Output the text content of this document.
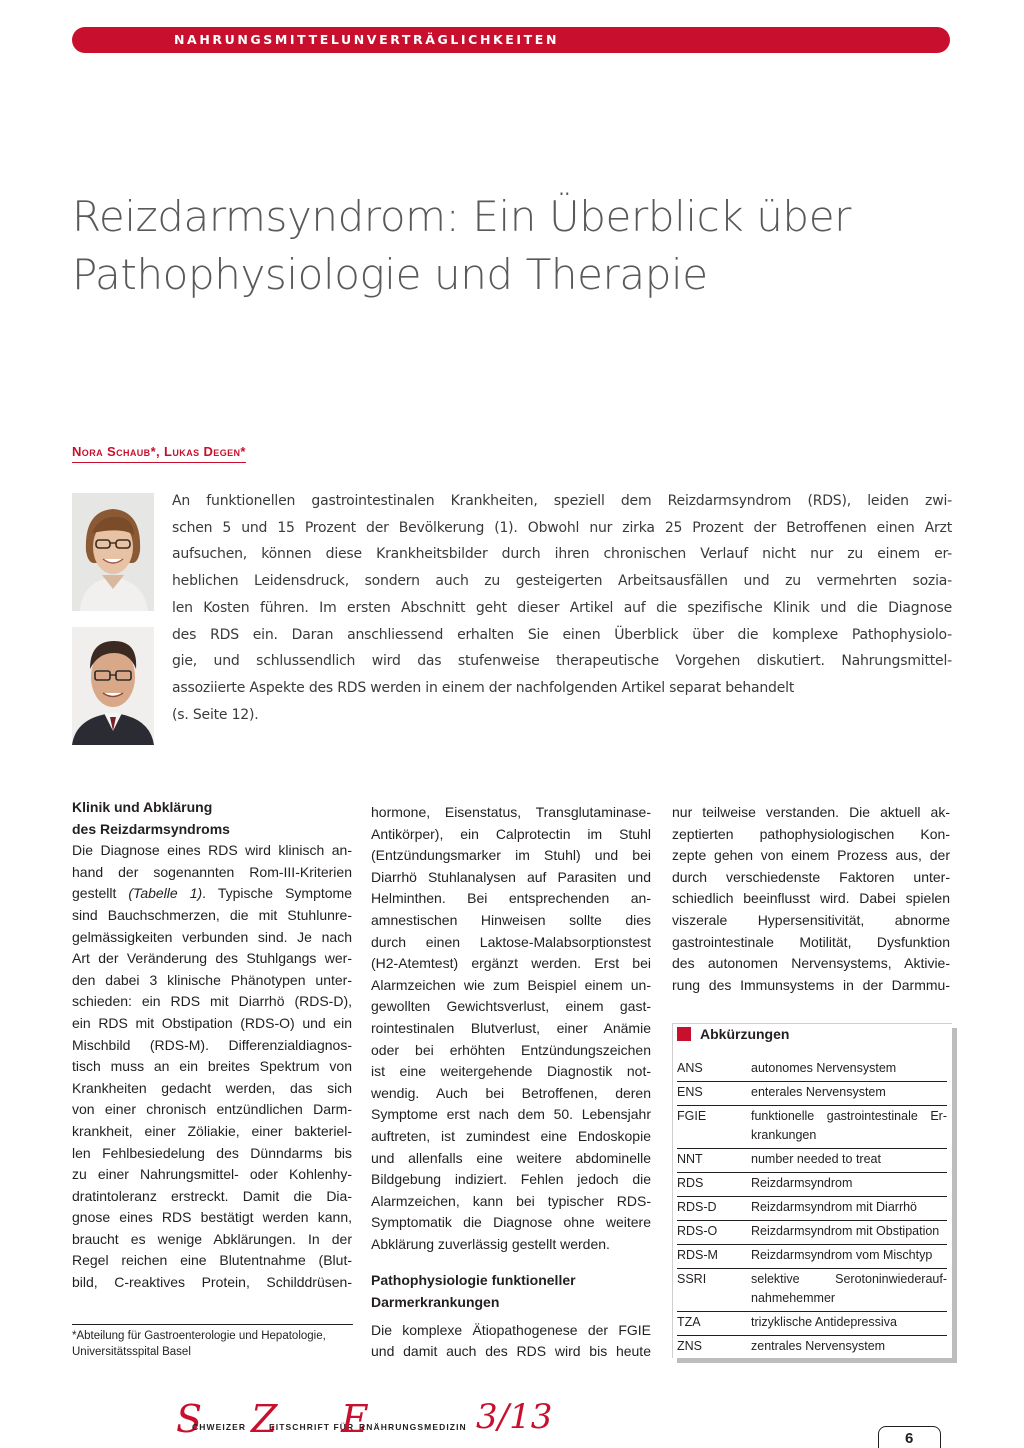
NAHRUNGSMITTELUNVERTRÄGLICHKEITEN
Reizdarmsyndrom: Ein Überblick über
Pathophysiologie und Therapie
Nora Schaub*, Lukas Degen*
An funktionellen gastrointestinalen Krankheiten, speziell dem Reizdarmsyndrom (RDS), leiden zwi-
schen 5 und 15 Prozent der Bevölkerung (1). Obwohl nur zirka 25 Prozent der Betroffenen einen Arzt
aufsuchen, können diese Krankheitsbilder durch ihren chronischen Verlauf nicht nur zu einem er-
heblichen Leidensdruck, sondern auch zu gesteigerten Arbeitsausfällen und zu vermehrten sozia-
len Kosten führen. Im ersten Abschnitt geht dieser Artikel auf die spezifische Klinik und die Diagnose
des RDS ein. Daran anschliessend erhalten Sie einen Überblick über die komplexe Pathophysiolo-
gie, und schlussendlich wird das stufenweise therapeutische Vorgehen diskutiert. Nahrungsmittel-
assoziierte Aspekte des RDS werden in einem der nachfolgenden Artikel separat behandelt
(s. Seite 12).
Klinik und Abklärung
des Reizdarmsyndroms
Die Diagnose eines RDS wird klinisch an-
hand der sogenannten Rom-III-Kriterien
gestellt (Tabelle 1). Typische Symptome
sind Bauchschmerzen, die mit Stuhlunre-
gelmässigkeiten verbunden sind. Je nach
Art der Veränderung des Stuhlgangs wer-
den dabei 3 klinische Phänotypen unter-
schieden: ein RDS mit Diarrhö (RDS-D),
ein RDS mit Obstipation (RDS-O) und ein
Mischbild (RDS-M). Differenzialdiagnos-
tisch muss an ein breites Spektrum von
Krankheiten gedacht werden, das sich
von einer chronisch entzündlichen Darm-
krankheit, einer Zöliakie, einer bakteriel-
len Fehlbesiedelung des Dünndarms bis
zu einer Nahrungsmittel- oder Kohlenhy-
dratintoleranz erstreckt. Damit die Dia-
gnose eines RDS bestätigt werden kann,
braucht es wenige Abklärungen. In der
Regel reichen eine Blutentnahme (Blut-
bild, C-reaktives Protein, Schilddrüsen-
*Abteilung für Gastroenterologie und Hepatologie,
Universitätsspital Basel
hormone, Eisenstatus, Transglutaminase-
Antikörper), ein Calprotectin im Stuhl
(Entzündungsmarker im Stuhl) und bei
Diarrhö Stuhlanalysen auf Parasiten und
Helminthen. Bei entsprechenden an-
amnestischen Hinweisen sollte dies
durch einen Laktose-Malabsorptionstest
(H2-Atemtest) ergänzt werden. Erst bei
Alarmzeichen wie zum Beispiel einem un-
gewollten Gewichtsverlust, einem gast-
rointestinalen Blutverlust, einer Anämie
oder bei erhöhten Entzündungszeichen
ist eine weitergehende Diagnostik not-
wendig. Auch bei Betroffenen, deren
Symptome erst nach dem 50. Lebensjahr
auftreten, ist zumindest eine Endoskopie
und allenfalls eine weitere abdominelle
Bildgebung indiziert. Fehlen jedoch die
Alarmzeichen, kann bei typischer RDS-
Symptomatik die Diagnose ohne weitere
Abklärung zuverlässig gestellt werden.
Pathophysiologie funktioneller
Darmerkrankungen
Die komplexe Ätiopathogenese der FGIE
und damit auch des RDS wird bis heute
nur teilweise verstanden. Die aktuell ak-
zeptierten pathophysiologischen Kon-
zepte gehen von einem Prozess aus, der
durch verschiedenste Faktoren unter-
schiedlich beeinflusst wird. Dabei spielen
viszerale Hypersensitivität, abnorme
gastrointestinale Motilität, Dysfunktion
des autonomen Nervensystems, Aktivie-
rung des Immunsystems in der Darmmu-
Abkürzungen
ANS	autonomes Nervensystem
ENS	enterales Nervensystem
FGIE	funktionelle gastrointestinale Er-
krankungen
NNT	number needed to treat
RDS	Reizdarmsyndrom
RDS-D	Reizdarmsyndrom mit Diarrhö
RDS-O	Reizdarmsyndrom mit Obstipation
RDS-M	Reizdarmsyndrom vom Mischtyp
SSRI	selektive Serotoninwiederauf-
nahmehemmer
TZA	trizyklische Antidepressiva
ZNS	zentrales Nervensystem
S
CHWEIZER Z
EITSCHRIFT FÜR
E
RNÄHRUNGSMEDIZIN 3/13
6
